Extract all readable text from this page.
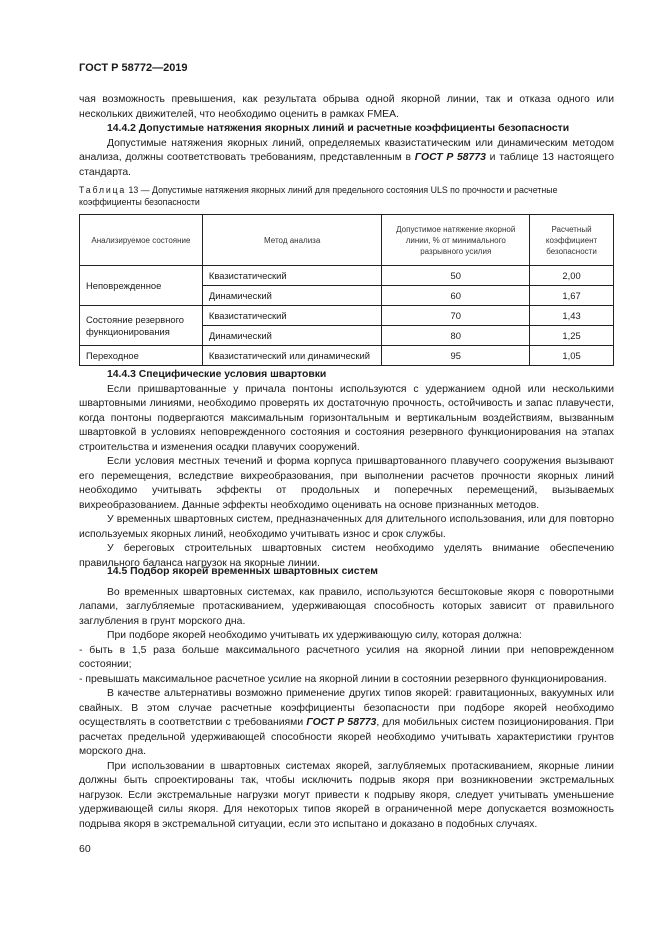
ГОСТ Р 58772—2019

чая возможность превышения, как результата обрыва одной якорной линии, так и отказа одного или нескольких движителей, что необходимо оценить в рамках FMEA.

14.4.2 Допустимые натяжения якорных линий и расчетные коэффициенты безопасности

Допустимые натяжения якорных линий, определяемых квазистатическим или динамическим методом анализа, должны соответствовать требованиям, представленным в ГОСТ Р 58773 и таблице 13 настоящего стандарта.

Таблица 13 — Допустимые натяжения якорных линий для предельного состояния ULS по прочности и расчетные коэффициенты безопасности

Анализируемое состояние	Метод анализа	Допустимое натяжение якорной линии, % от минимального разрывного усилия	Расчетный коэффициент безопасности
Неповрежденное	Квазистатический	50	2,00
	Динамический	60	1,67
Состояние резервного функционирования	Квазистатический	70	1,43
	Динамический	80	1,25
Переходное	Квазистатический или динамический	95	1,05

14.4.3 Специфические условия швартовки

Если пришвартованные у причала понтоны используются с удержанием одной или несколькими швартовными линиями, необходимо проверять их достаточную прочность, остойчивость и запас плавучести, когда понтоны подвергаются максимальным горизонтальным и вертикальным воздействиям, вызванным швартовкой в условиях неповрежденного состояния и состояния резервного функционирования на этапах строительства и изменения осадки плавучих сооружений.

Если условия местных течений и форма корпуса пришвартованного плавучего сооружения вызывают его перемещения, вследствие вихреобразования, при выполнении расчетов прочности якорных линий необходимо учитывать эффекты от продольных и поперечных перемещений, вызываемых вихреобразованием. Данные эффекты необходимо оценивать на основе признанных методов.

У временных швартовных систем, предназначенных для длительного использования, или для повторно используемых якорных линий, необходимо учитывать износ и срок службы.

У береговых строительных швартовных систем необходимо уделять внимание обеспечению правильного баланса нагрузок на якорные линии.

14.5 Подбор якорей временных швартовных систем

Во временных швартовных системах, как правило, используются бесштоковые якоря с поворотными лапами, заглубляемые протаскиванием, удерживающая способность которых зависит от правильного заглубления в грунт морского дна.

При подборе якорей необходимо учитывать их удерживающую силу, которая должна:

- быть в 1,5 раза больше максимального расчетного усилия на якорной линии при неповрежденном состоянии;

- превышать максимальное расчетное усилие на якорной линии в состоянии резервного функционирования.

В качестве альтернативы возможно применение других типов якорей: гравитационных, вакуумных или свайных. В этом случае расчетные коэффициенты безопасности при подборе якорей необходимо осуществлять в соответствии с требованиями ГОСТ Р 58773, для мобильных систем позиционирования. При расчетах предельной удерживающей способности якорей необходимо учитывать характеристики грунтов морского дна.

При использовании в швартовных системах якорей, заглубляемых протаскиванием, якорные линии должны быть спроектированы так, чтобы исключить подрыв якоря при возникновении экстремальных нагрузок. Если экстремальные нагрузки могут привести к подрыву якоря, следует учитывать уменьшение удерживающей силы якоря. Для некоторых типов якорей в ограниченной мере допускается возможность подрыва якоря в экстремальной ситуации, если это испытано и доказано в подобных случаях.

60
